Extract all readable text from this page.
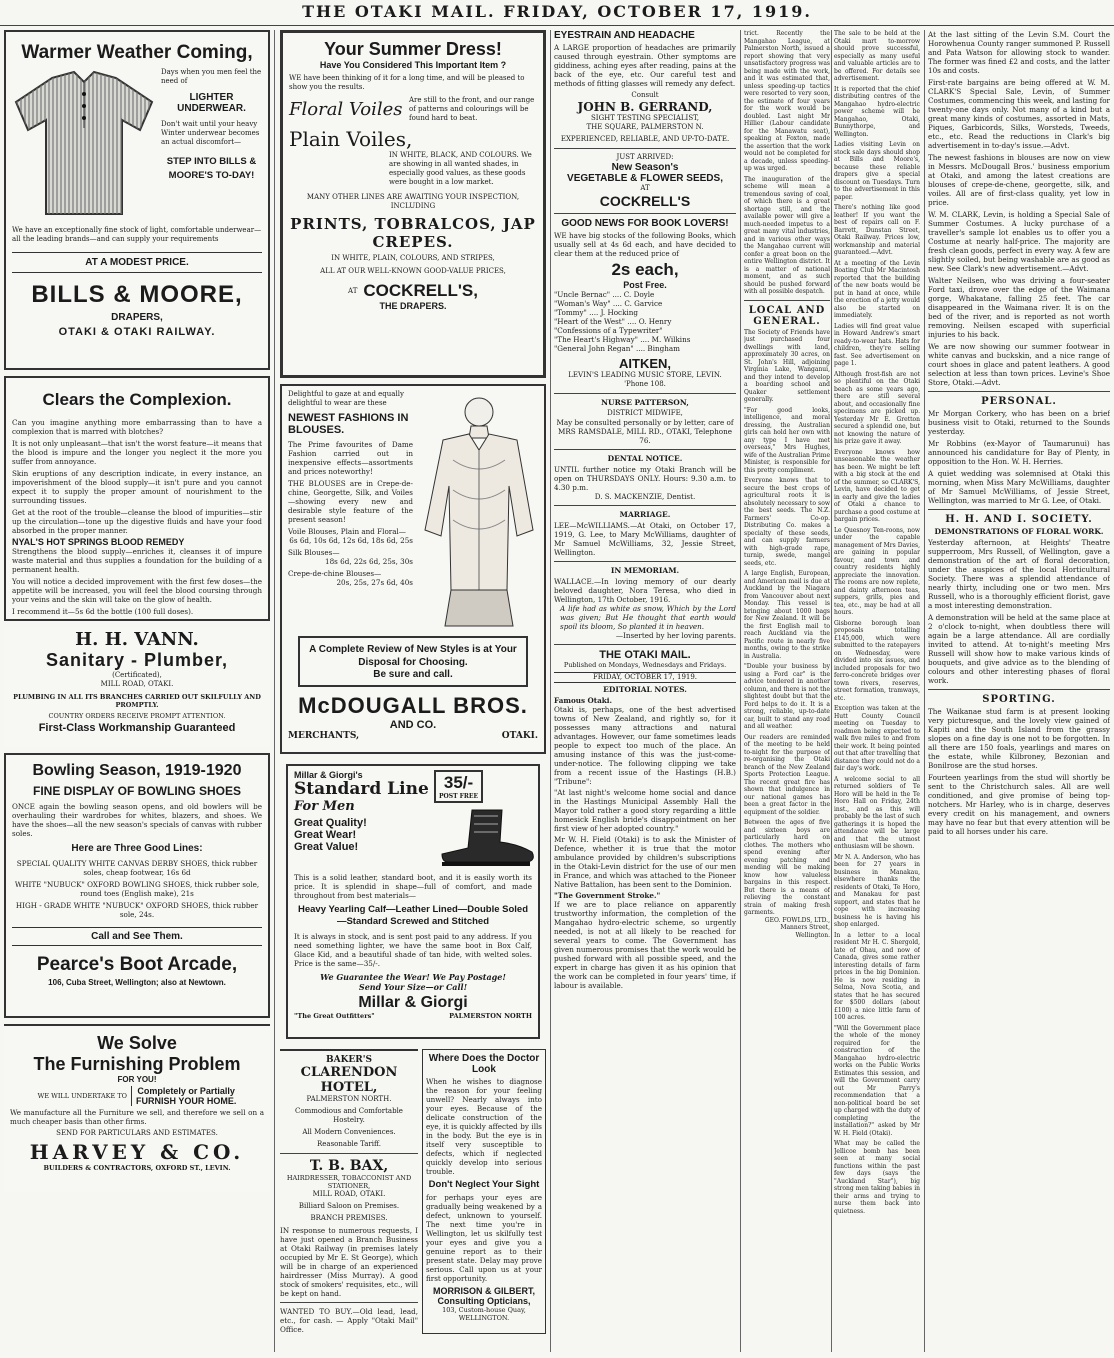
THE OTAKI MAIL. FRIDAY, OCTOBER 17, 1919.
Warmer Weather Coming,
Days when you men feel the need of
LIGHTER UNDERWEAR.
Don't wait until your heavy Winter underwear becomes an actual discomfort—
STEP INTO BILLS & MOORE'S TO-DAY!
We have an exceptionally fine stock of light, comfortable underwear—all the leading brands—and can supply your requirements
AT A MODEST PRICE.
BILLS & MOORE,
DRAPERS,
OTAKI & OTAKI RAILWAY.
Clears the Complexion.
Can you imagine anything more embarrassing than to have a complexion that is marred with blotches?
It is not only unpleasant—that isn't the worst feature—it means that the blood is impure and the longer you neglect it the more you suffer from annoyance.
Skin eruptions of any description indicate, in every instance, an impoverishment of the blood supply—it isn't pure and you cannot expect it to supply the proper amount of nourishment to the surrounding tissues.
Get at the root of the trouble—cleanse the blood of impurities—stir up the circulation—tone up the digestive fluids and have your food absorbed in the proper manner.
NYAL'S HOT SPRINGS BLOOD REMEDY
Strengthens the blood supply—enriches it, cleanses it of impure waste material and thus supplies a foundation for the building of a permanent health.
You will notice a decided improvement with the first few doses—the appetite will be increased, you will feel the blood coursing through your veins and the skin will take on the glow of health.
I recommend it—5s 6d the bottle (100 full doses).
H. H. VANN.
Sanitary - Plumber,
(Certificated),
MILL ROAD, OTAKI.
PLUMBING IN ALL ITS BRANCHES CARRIED OUT SKILFULLY AND PROMPTLY.
COUNTRY ORDERS RECEIVE PROMPT ATTENTION.
First-Class Workmanship Guaranteed
Bowling Season, 1919-1920
FINE DISPLAY OF BOWLING SHOES
ONCE again the bowling season opens, and old bowlers will be overhauling their wardrobes for whites, blazers, and shoes. We have the shoes—all the new season's specials of canvas with rubber soles.
Here are Three Good Lines:
SPECIAL QUALITY WHITE CANVAS DERBY SHOES, thick rubber soles, cheap footwear, 16s 6d
WHITE "NUBUCK" OXFORD BOWLING SHOES, thick rubber sole, round toes (English make), 21s
HIGH - GRADE WHITE "NUBUCK" OXFORD SHOES, thick rubber sole, 24s.
Call and See Them.
Pearce's Boot Arcade,
106, Cuba Street, Wellington; also at Newtown.
We Solve
The Furnishing Problem
FOR YOU!
WE WILL UNDERTAKE TO Completely or Partially
FURNISH YOUR HOME.
We manufacture all the Furniture we sell, and therefore we sell on a much cheaper basis than other firms.
SEND FOR PARTICULARS AND ESTIMATES.
HARVEY & CO.
BUILDERS & CONTRACTORS, OXFORD ST., LEVIN.
Your Summer Dress!
Have You Considered This Important Item ?
WE have been thinking of it for a long time, and will be pleased to show you the results.
Floral Voiles Are still to the front, and our range of patterns and colourings will be found hard to beat.
Plain Voiles,
IN WHITE, BLACK, AND COLOURS. We are showing in all wanted shades, in especially good values, as these goods were bought in a low market.
MANY OTHER LINES ARE AWAITING YOUR INSPECTION, INCLUDING
PRINTS, TOBRALCOS, JAP CREPES.
IN WHITE, PLAIN, COLOURS, AND STRIPES,
ALL AT OUR WELL-KNOWN GOOD-VALUE PRICES,
AT COCKRELL'S,
THE DRAPERS.
Delightful to gaze at and equally delightful to wear are these
NEWEST FASHIONS IN BLOUSES.
The Prime favourites of Dame Fashion carried out in inexpensive effects—assortments and prices noteworthy!
THE BLOUSES are in Crepe-de-chine, Georgette, Silk, and Voiles—showing every new and desirable style feature of the present season!
Voile Blouses, Plain and Floral—
6s 6d, 10s 6d, 12s 6d, 18s 6d, 25s
Silk Blouses—
18s 6d, 22s 6d, 25s, 30s
Crepe-de-chine Blouses—
20s, 25s, 27s 6d, 40s
A Complete Review of New Styles is at Your Disposal for Choosing.
Be sure and call.
McDOUGALL BROS.
AND CO.
MERCHANTS,	OTAKI.
Millar & Giorgi's
Standard Line
For Men
Great Quality!
Great Wear!
Great Value!
35/-
POST FREE
This is a solid leather, standard boot, and it is easily worth its price. It is splendid in shape—full of comfort, and made throughout from best materials—
Heavy Yearling Calf—Leather Lined—Double Soled—Standard Screwed and Stitched
It is always in stock, and is sent post paid to any address. If you need something lighter, we have the same boot in Box Calf, Glace Kid, and a beautiful shade of tan hide, with welted soles. Price is the same—35/-.
We Guarantee the Wear! We Pay Postage!
Send Your Size—or Call!
Millar & Giorgi
"The Great Outfitters"	PALMERSTON NORTH
BAKER'S
CLARENDON HOTEL,
PALMERSTON NORTH.
Commodious and Comfortable Hostelry.
All Modern Conveniences.
Reasonable Tariff.
T. B. BAX,
HAIRDRESSER, TOBACCONIST AND STATIONER,
MILL ROAD, OTAKI.
Billiard Saloon on Premises.
BRANCH PREMISES.
IN response to numerous requests, I have just opened a Branch Business at Otaki Railway (in premises lately occupied by Mr E. St George), which will be in charge of an experienced hairdresser (Miss Murray). A good stock of smokers' requisites, etc., will be kept on hand.
WANTED TO BUY.—Old lead, lead, etc., for cash. — Apply "Otaki Mail" Office.
Where Does the Doctor Look
When he wishes to diagnose the reason for your feeling unwell? Nearly always into your eyes. Because of the delicate construction of the eye, it is quickly affected by ills in the body. But the eye is in itself very susceptible to defects, which if neglected quickly develop into serious trouble.
Don't Neglect Your Sight
for perhaps your eyes are gradually being weakened by a defect, unknown to yourself. The next time you're in Wellington, let us skilfully test your eyes and give you a genuine report as to their present state. Delay may prove serious. Call upon us at your first opportunity.
MORRISON & GILBERT,
Consulting Opticians,
103, Custom-house Quay, WELLINGTON.
EYESTRAIN AND HEADACHE
A LARGE proportion of headaches are primarily caused through eyestrain. Other symptoms are giddiness, aching eyes after reading, pains at the back of the eye, etc. Our careful test and methods of fitting glasses will remedy any defect.
Consult
JOHN B. GERRAND,
SIGHT TESTING SPECIALIST,
THE SQUARE, PALMERSTON N.
EXPERIENCED, RELIABLE, AND UP-TO-DATE.
JUST ARRIVED:
New Season's
VEGETABLE & FLOWER SEEDS,
AT
COCKRELL'S
GOOD NEWS FOR BOOK LOVERS!
WE have big stocks of the following Books, which usually sell at 4s 6d each, and have decided to clear them at the reduced price of
2s each,
Post Free.
"Uncle Bernac" .... C. Doyle
"Woman's Way" .... C. Garvice
"Tommy" .... J. Hocking
"Heart of the West" .... O. Henry
"Confessions of a Typewriter"
"The Heart's Highway" .... M. Wilkins
"General John Regan" .... Bingham
AITKEN,
LEVIN'S LEADING MUSIC STORE, LEVIN.
'Phone 108.
NURSE PATTERSON,
DISTRICT MIDWIFE,
May be consulted personally or by letter, care of MRS RAMSDALE, MILL RD., OTAKI, Telephone 76.
DENTAL NOTICE.
UNTIL further notice my Otaki Branch will be open on THURSDAYS ONLY. Hours: 9.30 a.m. to 4.30 p.m.
D. S. MACKENZIE, Dentist.
MARRIAGE.
LEE—McWILLIAMS.—At Otaki, on October 17, 1919, G. Lee, to Mary McWilliams, daughter of Mr Samuel McWilliams, 32, Jessie Street, Wellington.
IN MEMORIAM.
WALLACE.—In loving memory of our dearly beloved daughter, Nora Teresa, who died in Wellington, 17th October, 1916.
A life had as white as snow, Which by the Lord was given; But He thought that earth would spoil its bloom, So planted it in heaven.
—Inserted by her loving parents.
THE OTAKI MAIL.
Published on Mondays, Wednesdays and Fridays.
FRIDAY, OCTOBER 17, 1919.
EDITORIAL NOTES.
Famous Otaki.
Otaki is, perhaps, one of the best advertised towns of New Zealand, and rightly so, for it possesses many attractions and natural advantages. However, our fame sometimes leads people to expect too much of the place. An amusing instance of this was the just-come-under-notice. The following clipping we take from a recent issue of the Hastings (H.B.) "Tribune":
"At last night's welcome home social and dance in the Hastings Municipal Assembly Hall the Mayor told rather a good story regarding a little homesick English bride's disappointment on her first view of her adopted country."
Mr W. H. Field (Otaki) is to ask the Minister of Defence, whether it is true that the motor ambulance provided by children's subscriptions in the Otaki-Levin district for the use of our men in France, and which was attached to the Pioneer Native Battalion, has been sent to the Dominion.
"The Government Stroke."
If we are to place reliance on apparently trustworthy information, the completion of the Mangahao hydro-electric scheme, so urgently needed, is not at all likely to be reached for several years to come. The Government has given numerous promises that the work would be pushed forward with all possible speed, and the expert in charge has given it as his opinion that the work can be completed in four years' time, if labour is available.
trict. Recently the Mangahao League, at Palmerston North, issued a report showing that very unsatisfactory progress was being made with the work, and it was estimated that, unless speeding-up tactics were resorted to very soon, the estimate of four years for the work would be doubled. Last night Mr Hillier (Labour candidate for the Manawatu seat), speaking at Foxton, made the assertion that the work would not be completed for a decade, unless speeding-up was urged.
The inauguration of the scheme will mean a tremendous saving of coal, of which there is a great shortage still, and the available power will give a much-needed impetus to a great many vital industries, and in various other ways the Mangahao current will confer a great boon on the entire Wellington district. It is a matter of national moment, and as such should be pushed forward with all possible despatch.
LOCAL AND GENERAL.
The Society of Friends have just purchased four dwellings with land, approximately 30 acres, on St. John's Hill, adjoining Virginia Lake, Wanganui, and they intend to develop a boarding school and Quaker settlement generally.
"For good looks, intelligence, and moral dressing, the Australian girls can hold her own with any type I have met overseas," Mrs Hughes, wife of the Australian Prime Minister, is responsible for this pretty compliment.
Everyone knows that to secure the best crops of agricultural roots it is absolutely necessary to sow the best seeds. The N.Z. Farmers' Co-op. Distributing Co. makes a specialty of these seeds, and can supply farmers with high-grade rape, turnip, swede, mangel seeds, etc.
A large English, European, and American mail is due at Auckland by the Niagara from Vancouver about next Monday. This vessel is bringing about 1000 bags for New Zealand. It will be the first English mail to reach Auckland via the Pacific route in nearly five months, owing to the strike in Australia.
"Double your business by using a Ford car" is the advice tendered in another column, and there is not the slightest doubt but that the Ford helps to do it. It is a strong, reliable, up-to-date car, built to stand any road and all weather.
Our readers are reminded of the meeting to be held to-night for the purpose of re-organising the Otaki branch of the New Zealand Sports Protection League. The recent great fire has shown that indulgence in our national games has been a great factor in the equipment of the soldier.
Between the ages of five and sixteen boys are particularly hard on clothes. The mothers who spend evening after evening patching and mending will be making know how valueless bargains in this respect. But there is a means of relieving the constant strain of making fresh garments.
GEO. FOWLDS, LTD., Manners Street, Wellington.
At the last sitting of the Levin S.M. Court the Horowhenua County ranger summoned P. Russell and Pata Watson for allowing stock to wander. The former was fined £2 and costs, and the latter 10s and costs.
First-rate bargains are being offered at W. M. CLARK'S Special Sale, Levin, of Summer Costumes, commencing this week, and lasting for twenty-one days only. Not many of a kind but a great many kinds of costumes, assorted in Mats, Piques, Garbicords, Silks, Worsteds, Tweeds, etc., etc. Read the reductions in Clark's big advertisement in to-day's issue.—Advt.
The newest fashions in blouses are now on view in Messrs. McDougall Bros.' business emporium at Otaki, and among the latest creations are blouses of crepe-de-chene, georgette, silk, and voiles. All are of first-class quality, yet low in price.
W. M. CLARK, Levin, is holding a Special Sale of Summer Costumes. A lucky purchase of a traveller's sample lot enables us to offer you a Costume at nearly half-price. The majority are fresh clean goods, perfect in every way. A few are slightly soiled, but being washable are as good as new. See Clark's new advertisement.—Advt.
Walter Neilsen, who was driving a four-seater Ford taxi, drove over the edge of the Waimana gorge, Whakatane, falling 25 feet. The car disappeared in the Waimana river. It is on the bed of the river, and is reported as not worth removing. Neilsen escaped with superficial injuries to his back.
We are now showing our summer footwear in white canvas and buckskin, and a nice range of court shoes in glace and patent leathers. A good selection at less than town prices. Levine's Shoe Store, Otaki.—Advt.
PERSONAL.
Mr Morgan Corkery, who has been on a brief business visit to Otaki, returned to the Sounds yesterday.
Mr Robbins (ex-Mayor of Taumarunui) has announced his candidature for Bay of Plenty, in opposition to the Hon. W. H. Herries.
A quiet wedding was solemnised at Otaki this morning, when Miss Mary McWilliams, daughter of Mr Samuel McWilliams, of Jessie Street, Wellington, was married to Mr G. Lee, of Otaki.
H. H. AND I. SOCIETY.
DEMONSTRATIONS OF FLORAL WORK.
Yesterday afternoon, at Heights' Theatre supperroom, Mrs Russell, of Wellington, gave a demonstration of the art of floral decoration, under the auspices of the local Horticultural Society. There was a splendid attendance of nearly thirty, including one or two men. Mrs Russell, who is a thoroughly efficient florist, gave a most interesting demonstration.
A demonstration will be held at the same place at 2 o'clock to-night, when doubtless there will again be a large attendance. All are cordially invited to attend. At to-night's meeting Mrs Russell will show how to make various kinds of bouquets, and give advice as to the blending of colours and other interesting phases of floral work.
SPORTING.
The Waikanae stud farm is at present looking very picturesque, and the lovely view gained of Kapiti and the South Island from the grassy slopes on a fine day is one not to be forgotten. In all there are 150 foals, yearlings and mares on the estate, while Kilbroney, Bezonian and Bonilrose are the stud horses.
Fourteen yearlings from the stud will shortly be sent to the Christchurch sales. All are well conditioned, and give promise of being top-notchers. Mr Harley, who is in charge, deserves every credit on his management, and owners may have no fear but that every attention will be paid to all horses under his care.
The sale to be held at the Otaki mart to-morrow should prove successful, especially as many useful and valuable articles are to be offered. For details see advertisement.
It is reported that the chief distributing centres of the Mangahao hydro-electric power scheme will be Mangahao, Otaki, Bunnythorpe, and Wellington.
Ladies visiting Levin on stock sale days should shop at Bills and Moore's, because these reliable drapers give a special discount on Tuesdays. Turn to the advertisement in this paper.
There's nothing like good leather! If you want the best of repairs call on F. Barrett, Dunstan Street, Otaki Railway. Prices low, workmanship and material guaranteed.—Advt.
At a meeting of the Levin Boating Club Mr Macintosh reported that the building of the new boats would be put in hand at once, while the erection of a jetty would also be started on immediately.
Ladies will find great value in Howard Andrew's smart ready-to-wear hats. Hats for children, they're selling fast. See advertisement on page 1.
Although frost-fish are not so plentiful on the Otaki beach as some years ago, there are still several about, and occasionally fine specimens are picked up. Yesterday Mr E. Gretton secured a splendid one, but not knowing the nature of his prize gave it away.
Everyone knows how unseasonable the weather has been. We might be left with a big stock at the end of the summer, so CLARK'S, Levin, have decided to get in early and give the ladies of Otaki a chance to purchase a good costume at bargain prices.
Le Quesnoy Ten-roons, now under the capable management of Mrs Davies, are gaining in popular favour, and town and country residents highly appreciate the innovation. The rooms are now replete, and dainty afternoon teas, suppers, grills, pies and tea, etc., may be had at all hours.
Gisborne borough loan proposals totalling £145,000, which were submitted to the ratepayers on Wednesday, were divided into six issues, and included proposals for two ferro-concrete bridges over town rivers, reserves, street formation, tramways, etc.
Exception was taken at the Hutt County Council meeting on Tuesday to roadmen being expected to walk five miles to and from their work. It being pointed out that after travelling that distance they could not do a fair day's work.
A welcome social to all returned soldiers of Te Horo will be held in the Te Horo Hall on Friday, 24th inst., and as this will probably be the last of such gatherings it is hoped the attendance will be large and that the utmost enthusiasm will be shown.
Mr N. A. Anderson, who has been for 27 years in business in Manakau, elsewhere thanks the residents of Otaki, Te Horo, and Manakau for past support, and states that he cope with increasing business he is having his shop enlarged.
In a letter to a local resident Mr H. C. Shergold, late of Ohau, and now of Canada, gives some rather interesting details of farm prices in the big Dominion. He is now residing in Selma, Nova Scotia, and states that he has secured for $500 dollars (about £100) a nice little farm of 100 acres.
"Will the Government place the whole of the money required for the construction of the Mangahao hydro-electric works on the Public Works Estimates this session, and will the Government carry out Mr Parry's recommendation that a non-political board be set up charged with the duty of completing the installation?" asked by Mr W. H. Field (Otaki).
What may be called the Jellicoe bomb has been seen at many social functions within the past few days (says the "Auckland Star"), big strong men taking babies in their arms and trying to nurse them back into quietness.
